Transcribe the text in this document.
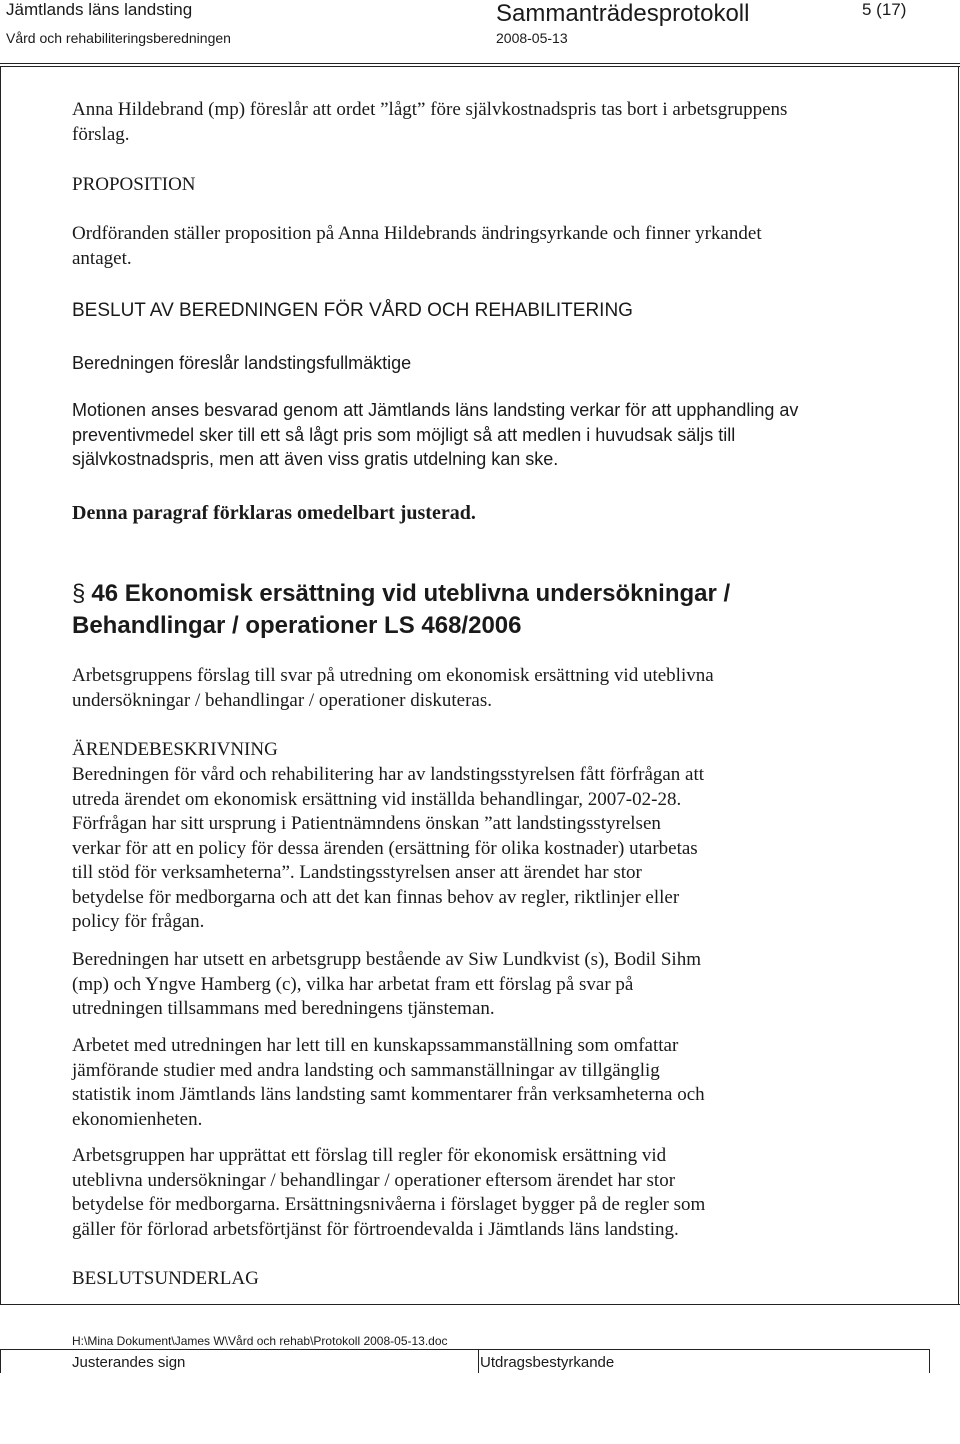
Jämtlands läns landsting
Vård och rehabiliteringsberedningen
Sammanträdesprotokoll
2008-05-13
5 (17)
Anna Hildebrand (mp) föreslår att ordet ”lågt” före självkostnadspris tas bort i arbetsgruppens
förslag.
PROPOSITION
Ordföranden ställer proposition på Anna Hildebrands ändringsyrkande och finner yrkandet
antaget.
BESLUT AV BEREDNINGEN FÖR VÅRD OCH REHABILITERING
Beredningen föreslår landstingsfullmäktige
Motionen anses besvarad genom att Jämtlands läns landsting verkar för att upphandling av
preventivmedel sker till ett så lågt pris som möjligt så att medlen i huvudsak säljs till
självkostnadspris, men att även viss gratis utdelning kan ske.
Denna paragraf förklaras omedelbart justerad.
§ 46 Ekonomisk ersättning vid uteblivna undersökningar /
Behandlingar / operationer LS 468/2006
Arbetsgruppens förslag till svar på utredning om ekonomisk ersättning vid uteblivna
undersökningar / behandlingar / operationer diskuteras.
ÄRENDEBESKRIVNING
Beredningen för vård och rehabilitering har av landstingsstyrelsen fått förfrågan att
utreda ärendet om ekonomisk ersättning vid inställda behandlingar, 2007-02-28.
Förfrågan har sitt ursprung i Patientnämndens önskan ”att landstingsstyrelsen
verkar för att en policy för dessa ärenden (ersättning för olika kostnader) utarbetas
till stöd för verksamheterna”. Landstingsstyrelsen anser att ärendet har stor
betydelse för medborgarna och att det kan finnas behov av regler, riktlinjer eller
policy för frågan.
Beredningen har utsett en arbetsgrupp bestående av Siw Lundkvist (s), Bodil Sihm
(mp) och Yngve Hamberg (c), vilka har arbetat fram ett förslag på svar på
utredningen tillsammans med beredningens tjänsteman.
Arbetet med utredningen har lett till en kunskapssammanställning som omfattar
jämförande studier med andra landsting och sammanställningar av tillgänglig
statistik inom Jämtlands läns landsting samt kommentarer från verksamheterna och
ekonomienheten.
Arbetsgruppen har upprättat ett förslag till regler för ekonomisk ersättning vid
uteblivna undersökningar / behandlingar / operationer eftersom ärendet har stor
betydelse för medborgarna. Ersättningsnivåerna i förslaget bygger på de regler som
gäller för förlorad arbetsförtjänst för förtroendevalda i Jämtlands läns landsting.
BESLUTSUNDERLAG
H:\Mina Dokument\James W\Vård och rehab\Protokoll 2008-05-13.doc
Justerandes sign	Utdragsbestyrkande
